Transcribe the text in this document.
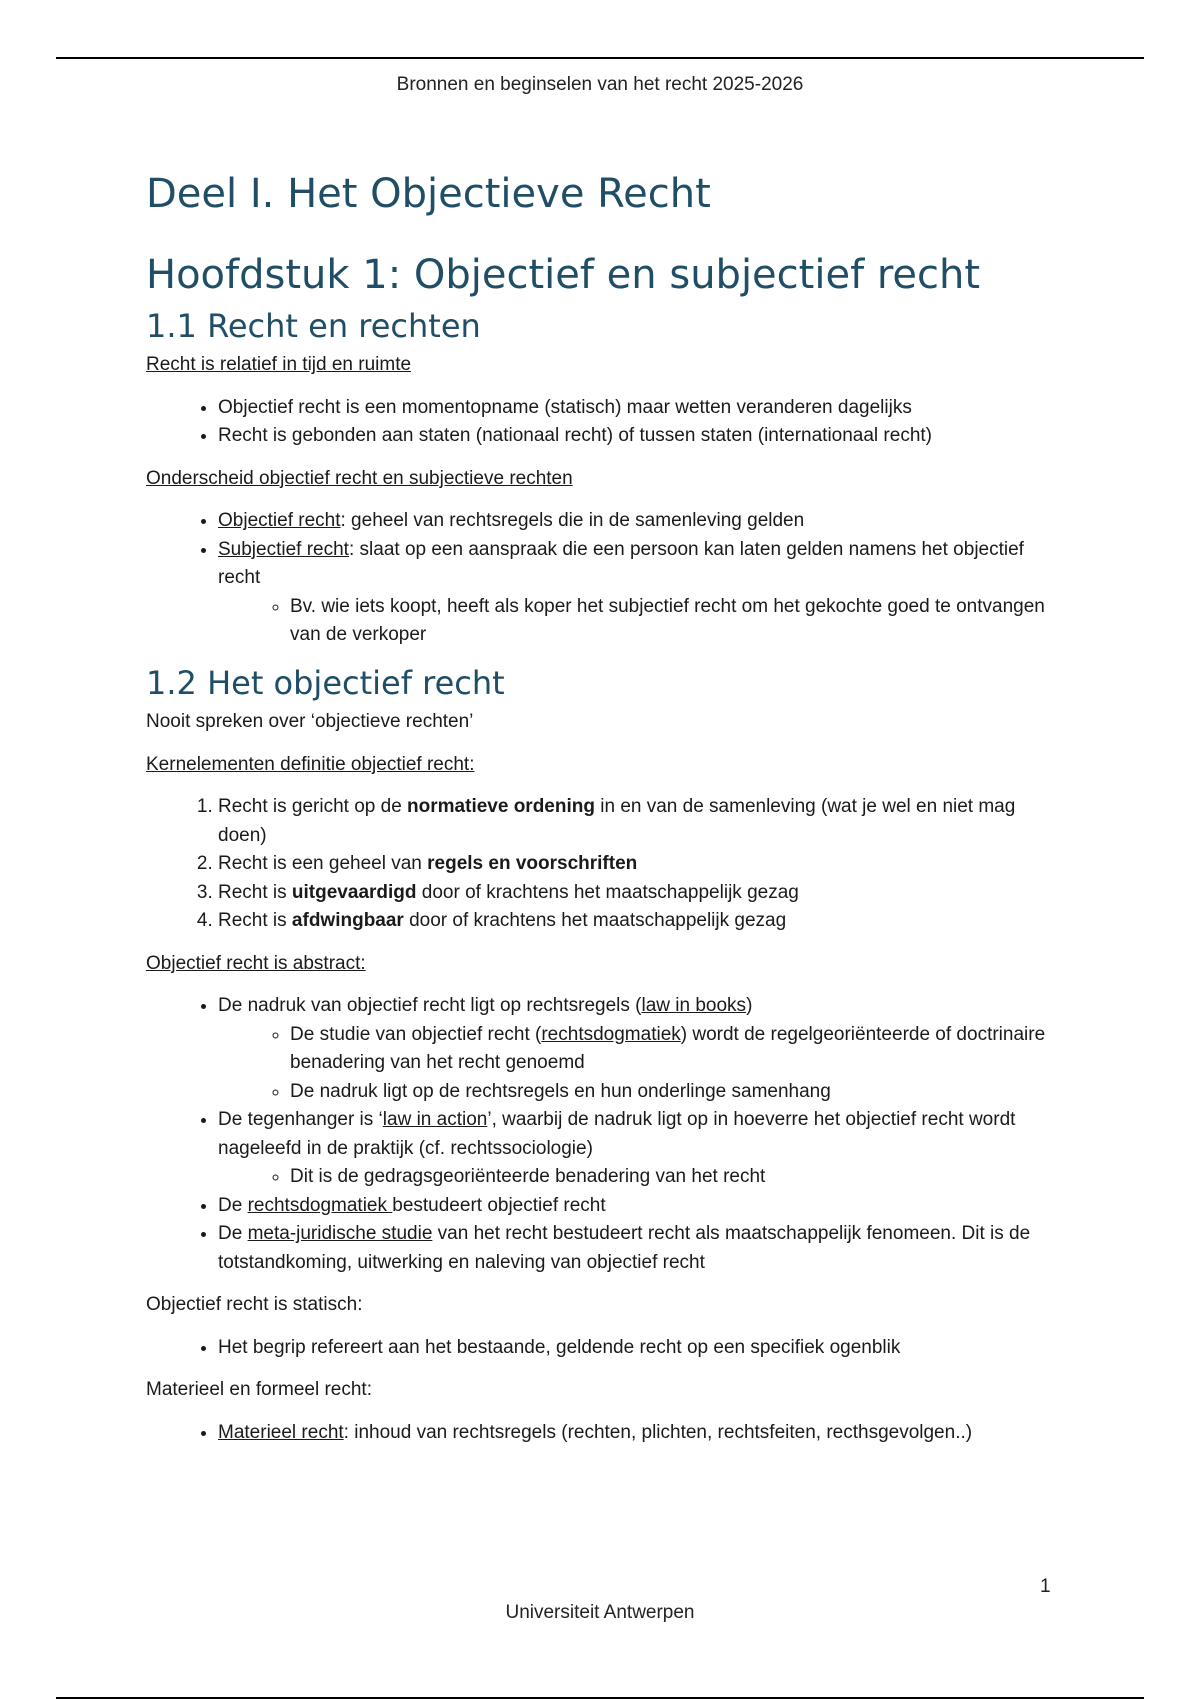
Bronnen en beginselen van het recht 2025-2026
Deel I. Het Objectieve Recht
Hoofdstuk 1: Objectief en subjectief recht
1.1 Recht en rechten

Recht is relatief in tijd en ruimte

• Objectief recht is een momentopname (statisch) maar wetten veranderen dagelijks
• Recht is gebonden aan staten (nationaal recht) of tussen staten (internationaal recht)

Onderscheid objectief recht en subjectieve rechten

• Objectief recht: geheel van rechtsregels die in de samenleving gelden
• Subjectief recht: slaat op een aanspraak die een persoon kan laten gelden namens het objectief recht
◦ Bv. wie iets koopt, heeft als koper het subjectief recht om het gekochte goed te ontvangen van de verkoper
1.2 Het objectief recht

Nooit spreken over ‘objectieve rechten’

Kernelementen definitie objectief recht:

1. Recht is gericht op de normatieve ordening in en van de samenleving (wat je wel en niet mag doen)
2. Recht is een geheel van regels en voorschriften
3. Recht is uitgevaardigd door of krachtens het maatschappelijk gezag
4. Recht is afdwingbaar door of krachtens het maatschappelijk gezag

Objectief recht is abstract:

• De nadruk van objectief recht ligt op rechtsregels (law in books)
◦ De studie van objectief recht (rechtsdogmatiek) wordt de regelgeoriënteerde of doctrinaire benadering van het recht genoemd
◦ De nadruk ligt op de rechtsregels en hun onderlinge samenhang
• De tegenhanger is ‘law in action’, waarbij de nadruk ligt op in hoeverre het objectief recht wordt nageleefd in de praktijk (cf. rechtssociologie)
◦ Dit is de gedragsgeoriënteerde benadering van het recht
• De rechtsdogmatiek bestudeert objectief recht
• De meta-juridische studie van het recht bestudeert recht als maatschappelijk fenomeen. Dit is de totstandkoming, uitwerking en naleving van objectief recht

Objectief recht is statisch:

• Het begrip refereert aan het bestaande, geldende recht op een specifiek ogenblik

Materieel en formeel recht:

• Materieel recht: inhoud van rechtsregels (rechten, plichten, rechtsfeiten, recthsgevolgen..)
1
Universiteit Antwerpen
